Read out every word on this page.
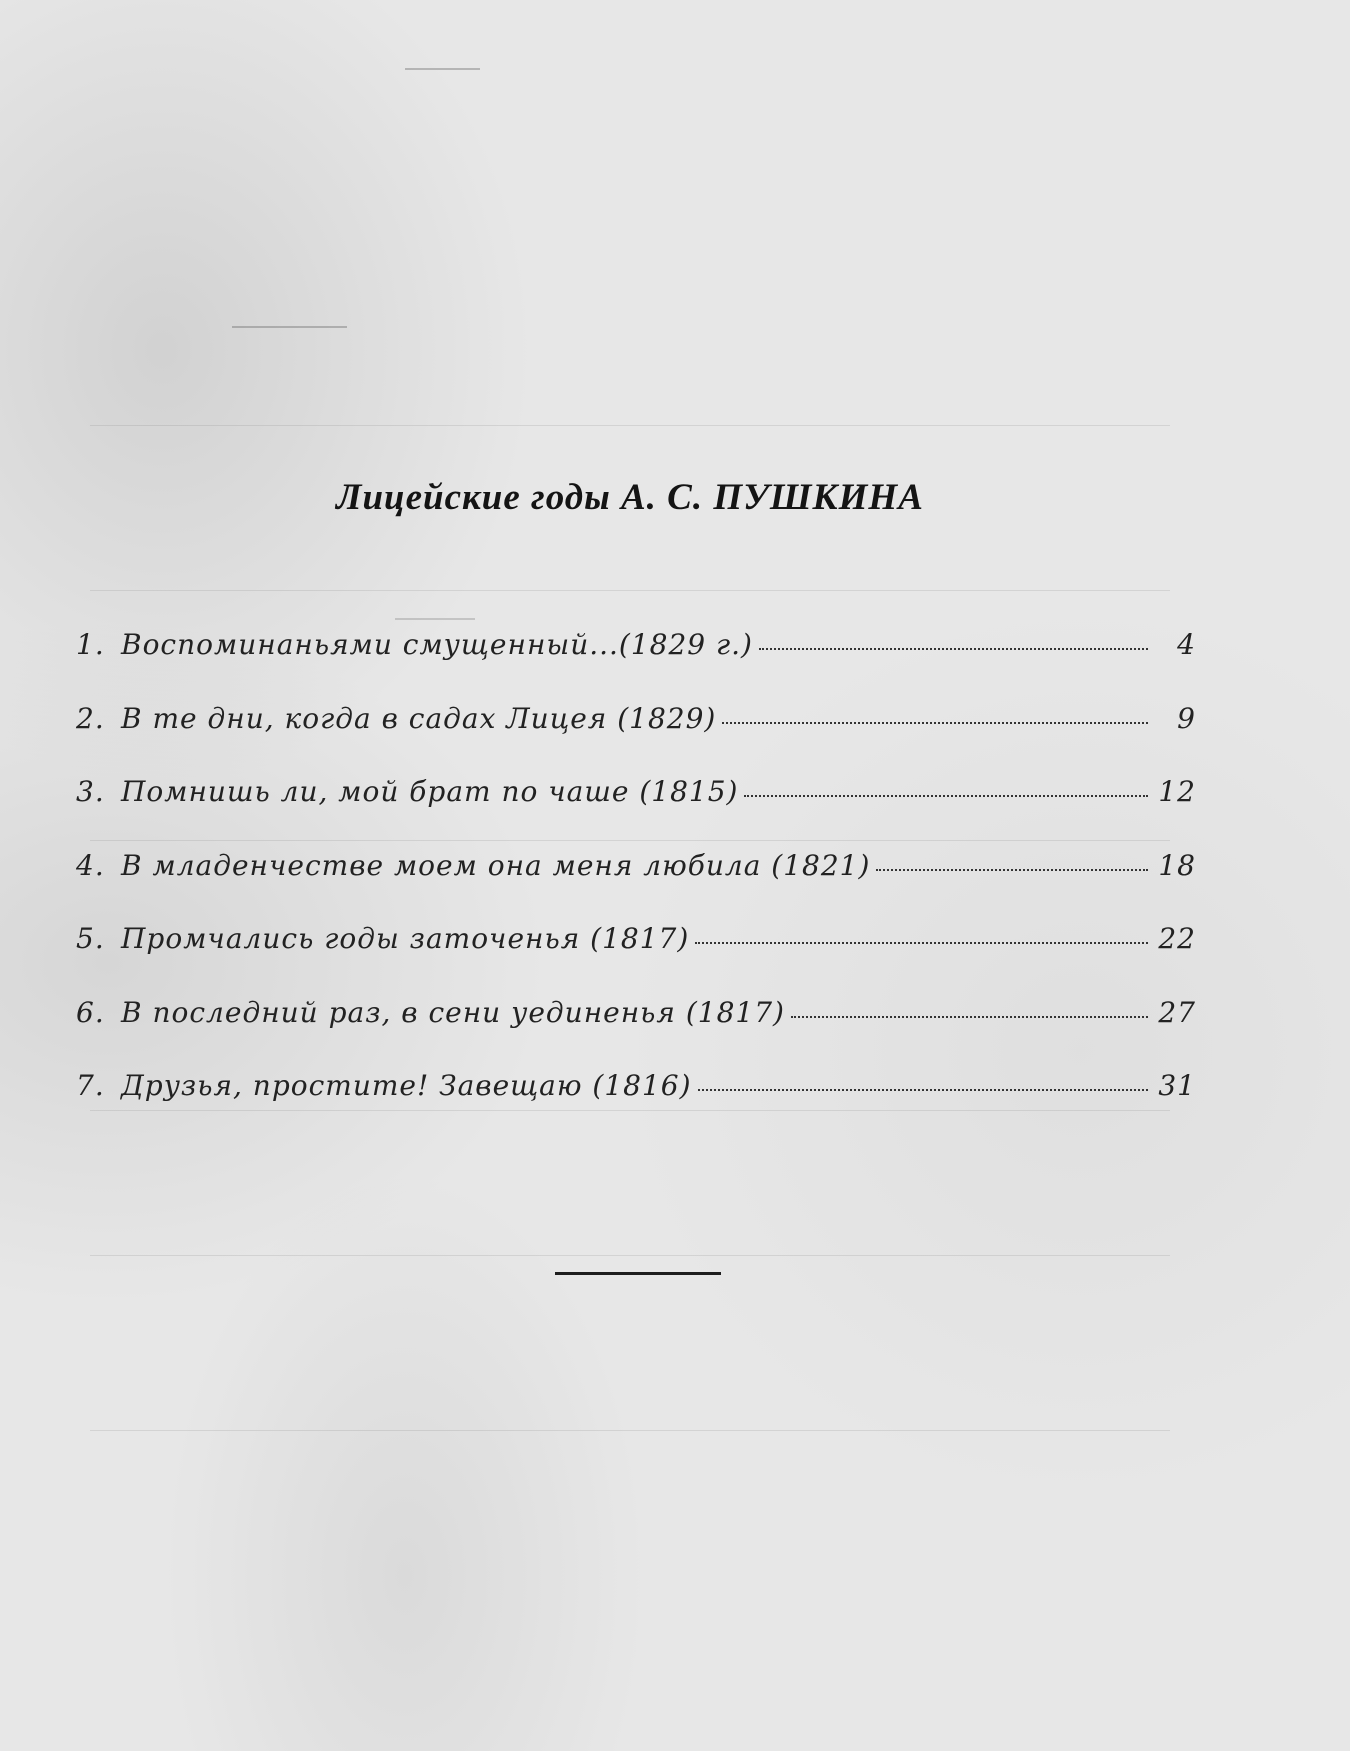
Лицейские годы А. С. ПУШКИНА
1. Воспоминаньями смущенный...(1829 г.)	4
2. В те дни, когда в садах Лицея (1829)	9
3. Помнишь ли, мой брат по чаше (1815)	12
4. В младенчестве моем она меня любила (1821)	18
5. Промчались годы заточенья (1817)	22
6. В последний раз, в сени уединенья (1817)	27
7. Друзья, простите! Завещаю (1816)	31
